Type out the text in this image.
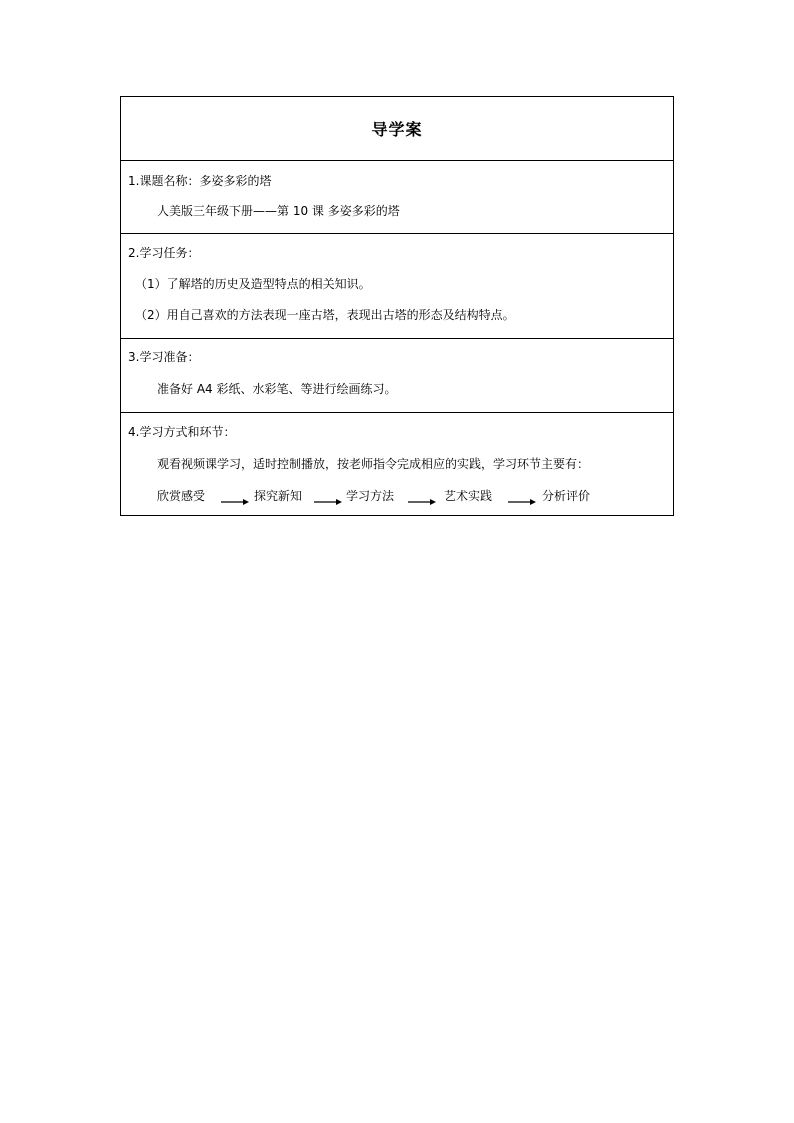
导学案
1.课题名称：多姿多彩的塔
人美版三年级下册——第 10 课 多姿多彩的塔
2.学习任务：
（1）了解塔的历史及造型特点的相关知识。
（2）用自己喜欢的方法表现一座古塔，表现出古塔的形态及结构特点。
3.学习准备：
准备好 A4 彩纸、水彩笔、等进行绘画练习。
4.学习方式和环节：
观看视频课学习，适时控制播放，按老师指令完成相应的实践，学习环节主要有：
欣赏感受	探究新知	学习方法	艺术实践	分析评价
